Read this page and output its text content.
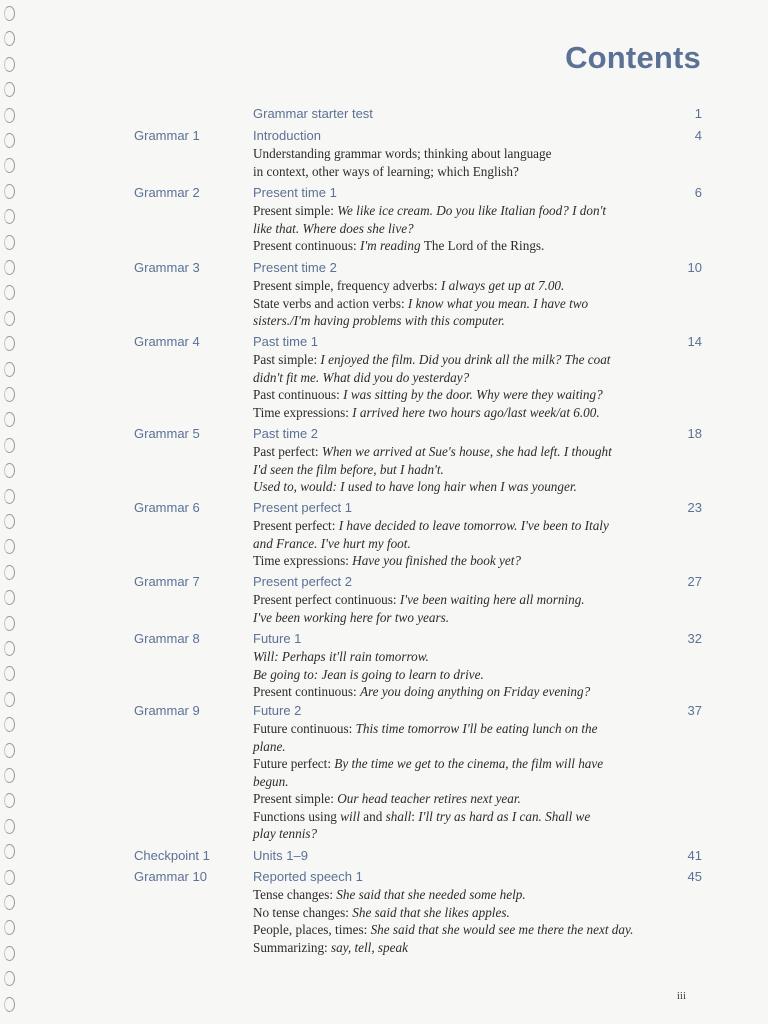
Contents
Grammar starter test	1
Grammar 1	Introduction	4
Understanding grammar words; thinking about language
in context, other ways of learning; which English?
Grammar 2	Present time 1	6
Present simple: We like ice cream. Do you like Italian food? I don't
like that. Where does she live?
Present continuous: I'm reading The Lord of the Rings.
Grammar 3	Present time 2	10
Present simple, frequency adverbs: I always get up at 7.00.
State verbs and action verbs: I know what you mean. I have two
sisters./I'm having problems with this computer.
Grammar 4	Past time 1	14
Past simple: I enjoyed the film. Did you drink all the milk? The coat
didn't fit me. What did you do yesterday?
Past continuous: I was sitting by the door. Why were they waiting?
Time expressions: I arrived here two hours ago/last week/at 6.00.
Grammar 5	Past time 2	18
Past perfect: When we arrived at Sue's house, she had left. I thought
I'd seen the film before, but I hadn't.
Used to, would: I used to have long hair when I was younger.
Grammar 6	Present perfect 1	23
Present perfect: I have decided to leave tomorrow. I've been to Italy
and France. I've hurt my foot.
Time expressions: Have you finished the book yet?
Grammar 7	Present perfect 2	27
Present perfect continuous: I've been waiting here all morning.
I've been working here for two years.
Grammar 8	Future 1	32
Will: Perhaps it'll rain tomorrow.
Be going to: Jean is going to learn to drive.
Present continuous: Are you doing anything on Friday evening?
Grammar 9	Future 2	37
Future continuous: This time tomorrow I'll be eating lunch on the
plane.
Future perfect: By the time we get to the cinema, the film will have
begun.
Present simple: Our head teacher retires next year.
Functions using will and shall: I'll try as hard as I can. Shall we
play tennis?
Checkpoint 1	Units 1–9	41
Grammar 10	Reported speech 1	45
Tense changes: She said that she needed some help.
No tense changes: She said that she likes apples.
People, places, times: She said that she would see me there the next day.
Summarizing: say, tell, speak
iii
